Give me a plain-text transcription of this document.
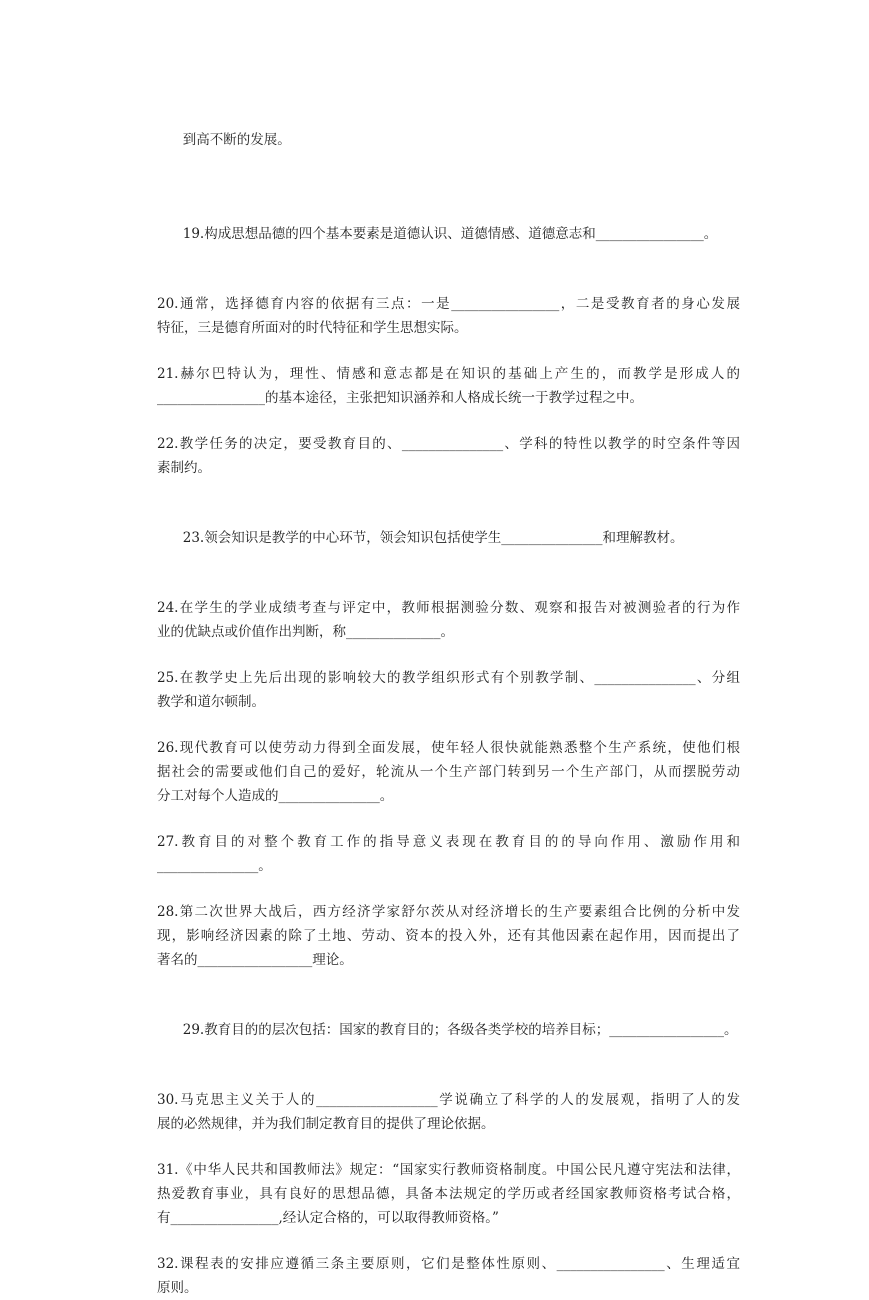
到高不断的发展。

19.构成思想品德的四个基本要素是道德认识、道德情感、道德意志和________________。

20.通常，选择德育内容的依据有三点：一是________________，二是受教育者的身心发展

特征，三是德育所面对的时代特征和学生思想实际。

21.赫尔巴特认为，理性、情感和意志都是在知识的基础上产生的，而教学是形成人的

________________的基本途径，主张把知识涵养和人格成长统一于教学过程之中。

22.教学任务的决定，要受教育目的、_______________、学科的特性以教学的时空条件等因

素制约。

23.领会知识是教学的中心环节，领会知识包括使学生_______________和理解教材。

24.在学生的学业成绩考查与评定中，教师根据测验分数、观察和报告对被测验者的行为作

业的优缺点或价值作出判断，称______________。

25.在教学史上先后出现的影响较大的教学组织形式有个别教学制、_______________、分组

教学和道尔顿制。

26.现代教育可以使劳动力得到全面发展，使年轻人很快就能熟悉整个生产系统，使他们根

据社会的需要或他们自己的爱好，轮流从一个生产部门转到另一个生产部门，从而摆脱劳动

分工对每个人造成的_______________。

27.教育目的对整个教育工作的指导意义表现在教育目的的导向作用、激励作用和

_______________。

28.第二次世界大战后，西方经济学家舒尔茨从对经济增长的生产要素组合比例的分析中发

现，影响经济因素的除了土地、劳动、资本的投入外，还有其他因素在起作用，因而提出了

著名的_________________理论。

29.教育目的的层次包括：国家的教育目的；各级各类学校的培养目标；_________________。

30.马克思主义关于人的__________________学说确立了科学的人的发展观，指明了人的发

展的必然规律，并为我们制定教育目的提供了理论依据。

31.《中华人民共和国教师法》规定：“国家实行教师资格制度。中国公民凡遵守宪法和法律，

热爱教育事业，具有良好的思想品德，具备本法规定的学历或者经国家教师资格考试合格，

有________________,经认定合格的，可以取得教师资格。”

32.课程表的安排应遵循三条主要原则，它们是整体性原则、________________、生理适宜

原则。
